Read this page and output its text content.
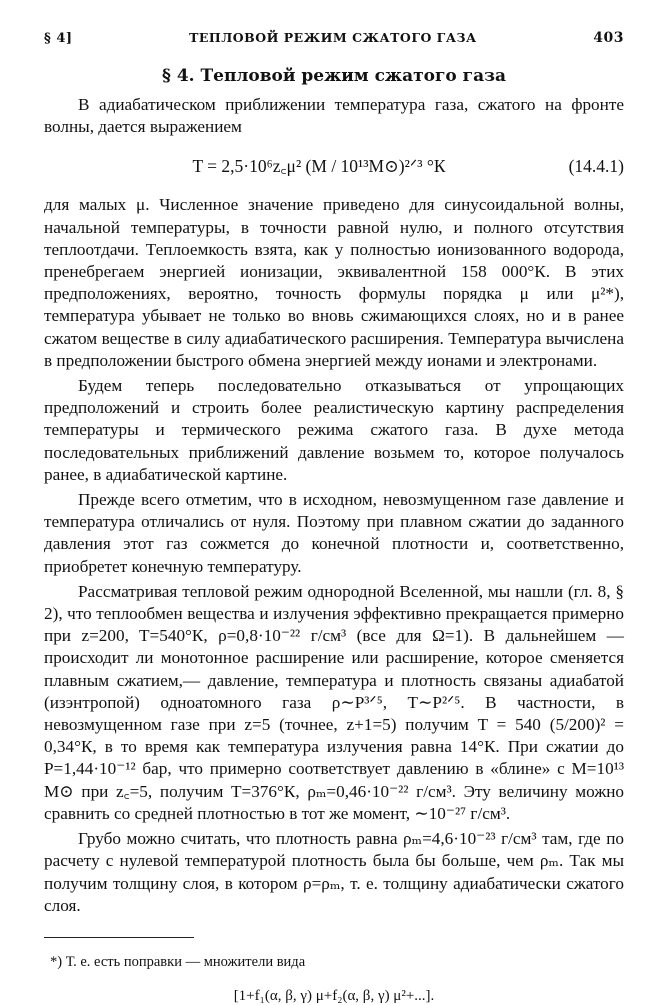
§ 4]	ТЕПЛОВОЙ РЕЖИМ СЖАТОГО ГАЗА	403
§ 4. Тепловой режим сжатого газа

В адиабатическом приближении температура газа, сжатого на фронте волны, дается выражением

T = 2,5·10⁶z꜀μ² (M / 10¹³M⊙)²ᐟ³ °К	(14.4.1)

для малых μ. Численное значение приведено для синусоидальной волны, начальной температуры, в точности равной нулю, и полного отсутствия теплоотдачи. Теплоемкость взята, как у полностью ионизованного водорода, пренебрегаем энергией ионизации, эквивалентной 158 000°К. В этих предположениях, вероятно, точность формулы порядка μ или μ²*), температура убывает не только во вновь сжимающихся слоях, но и в ранее сжатом веществе в силу адиабатического расширения. Температура вычислена в предположении быстрого обмена энергией между ионами и электронами.

Будем теперь последовательно отказываться от упрощающих предположений и строить более реалистическую картину распределения температуры и термического режима сжатого газа. В духе метода последовательных приближений давление возьмем то, которое получалось ранее, в адиабатической картине.

Прежде всего отметим, что в исходном, невозмущенном газе давление и температура отличались от нуля. Поэтому при плавном сжатии до заданного давления этот газ сожмется до конечной плотности и, соответственно, приобретет конечную температуру.

Рассматривая тепловой режим однородной Вселенной, мы нашли (гл. 8, § 2), что теплообмен вещества и излучения эффективно прекращается примерно при z=200, T=540°К, ρ=0,8·10⁻²² г/см³ (все для Ω=1). В дальнейшем — происходит ли монотонное расширение или расширение, которое сменяется плавным сжатием,— давление, температура и плотность связаны адиабатой (изэнтропой) одноатомного газа ρ∼P³ᐟ⁵, T∼P²ᐟ⁵. В частности, в невозмущенном газе при z=5 (точнее, z+1=5) получим T = 540 (5/200)² = 0,34°К, в то время как температура излучения равна 14°К. При сжатии до P=1,44·10⁻¹² бар, что примерно соответствует давлению в «блине» с M=10¹³ M⊙ при z꜀=5, получим T=376°К, ρₘ=0,46·10⁻²² г/см³. Эту величину можно сравнить со средней плотностью в тот же момент, ∼10⁻²⁷ г/см³.

Грубо можно считать, что плотность равна ρₘ=4,6·10⁻²³ г/см³ там, где по расчету с нулевой температурой плотность была бы больше, чем ρₘ. Так мы получим толщину слоя, в котором ρ=ρₘ, т. е. толщину адиабатически сжатого слоя.

*) Т. е. есть поправки — множители вида
[1+f₁(α, β, γ) μ+f₂(α, β, γ) μ²+...].
